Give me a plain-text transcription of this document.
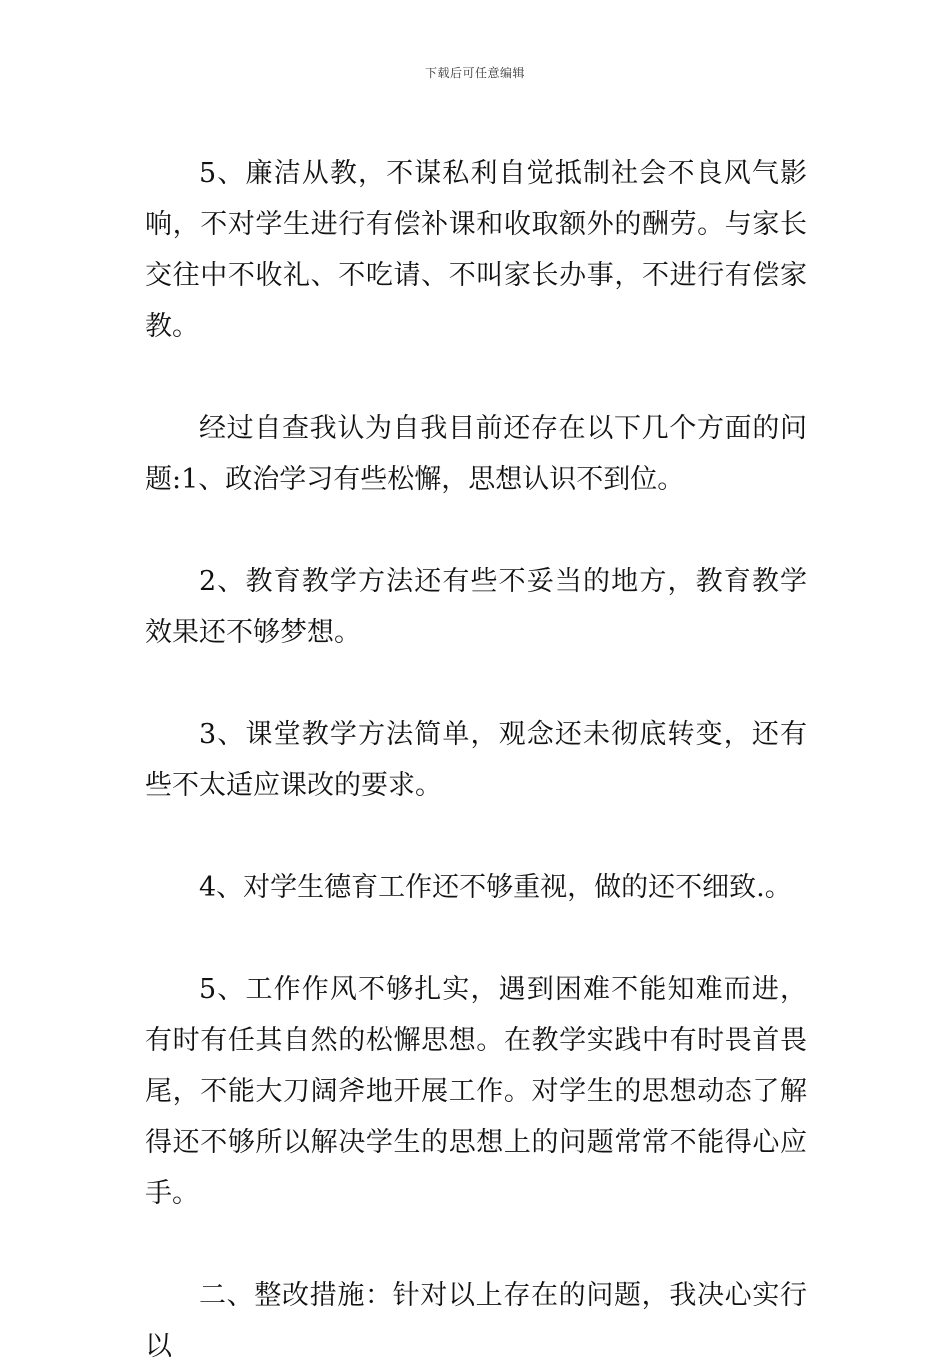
下载后可任意编辑

5、廉洁从教，不谋私利自觉抵制社会不良风气影响，不对学生进行有偿补课和收取额外的酬劳。与家长交往中不收礼、不吃请、不叫家长办事，不进行有偿家教。

经过自查我认为自我目前还存在以下几个方面的问题:1、政治学习有些松懈，思想认识不到位。

2、教育教学方法还有些不妥当的地方，教育教学效果还不够梦想。

3、课堂教学方法简单，观念还未彻底转变，还有些不太适应课改的要求。

4、对学生德育工作还不够重视，做的还不细致.。

5、工作作风不够扎实，遇到困难不能知难而进，有时有任其自然的松懈思想。在教学实践中有时畏首畏尾，不能大刀阔斧地开展工作。对学生的思想动态了解得还不够所以解决学生的思想上的问题常常不能得心应手。

二、整改措施：针对以上存在的问题，我决心实行以
